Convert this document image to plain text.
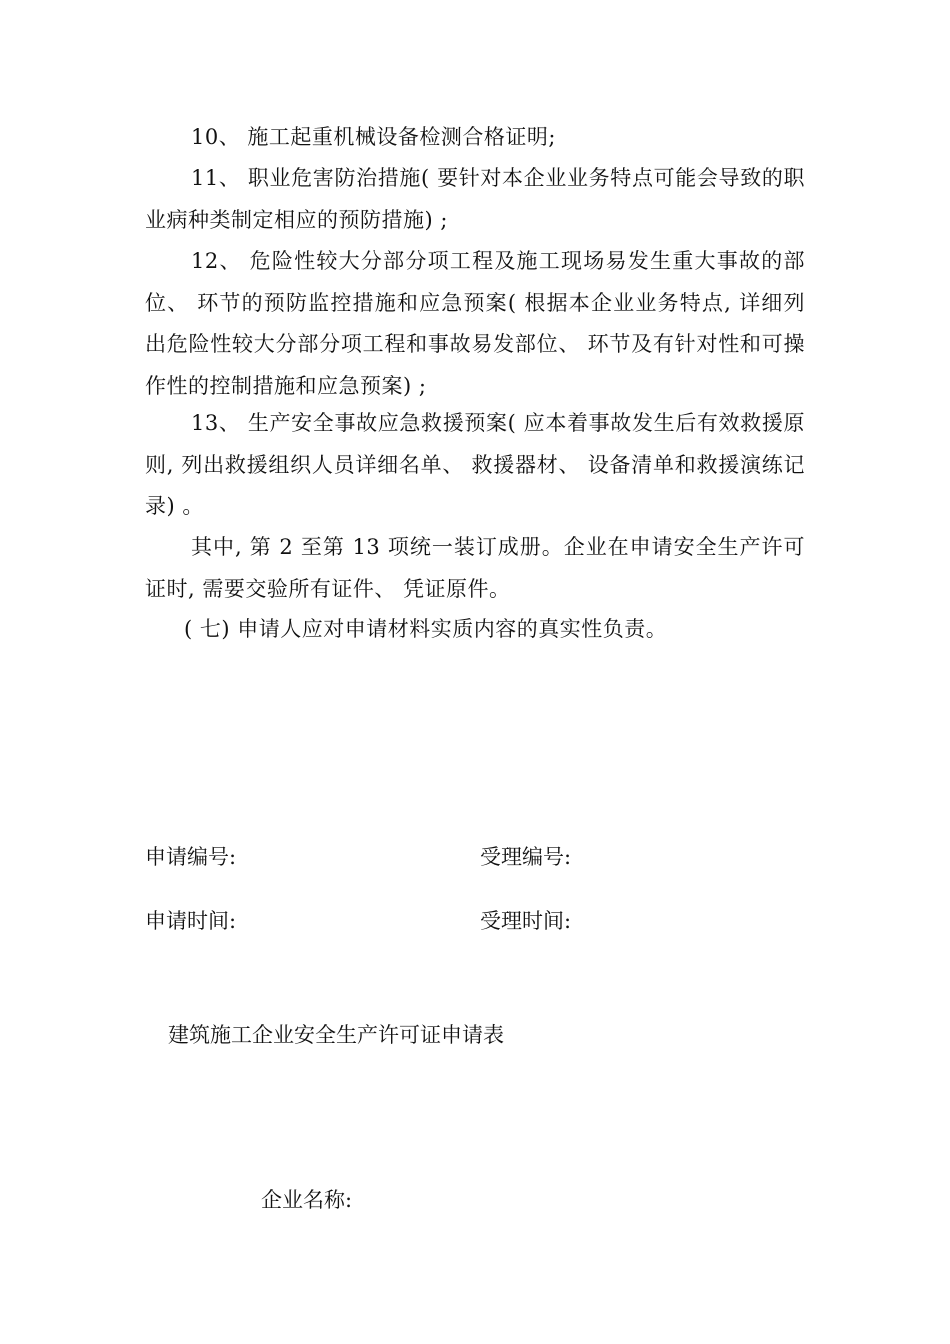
10、 施工起重机械设备检测合格证明;

11、 职业危害防治措施( 要针对本企业业务特点可能会导致的职业病种类制定相应的预防措施) ;

12、 危险性较大分部分项工程及施工现场易发生重大事故的部位、 环节的预防监控措施和应急预案( 根据本企业业务特点, 详细列出危险性较大分部分项工程和事故易发部位、 环节及有针对性和可操作性的控制措施和应急预案) ;

13、 生产安全事故应急救援预案( 应本着事故发生后有效救援原则, 列出救援组织人员详细名单、 救援器材、 设备清单和救援演练记录) 。

其中, 第 2 至第 13 项统一装订成册。企业在申请安全生产许可证时, 需要交验所有证件、 凭证原件。

( 七) 申请人应对申请材料实质内容的真实性负责。

申请编号:	受理编号:
申请时间:	受理时间:
建筑施工企业安全生产许可证申请表
企业名称:
